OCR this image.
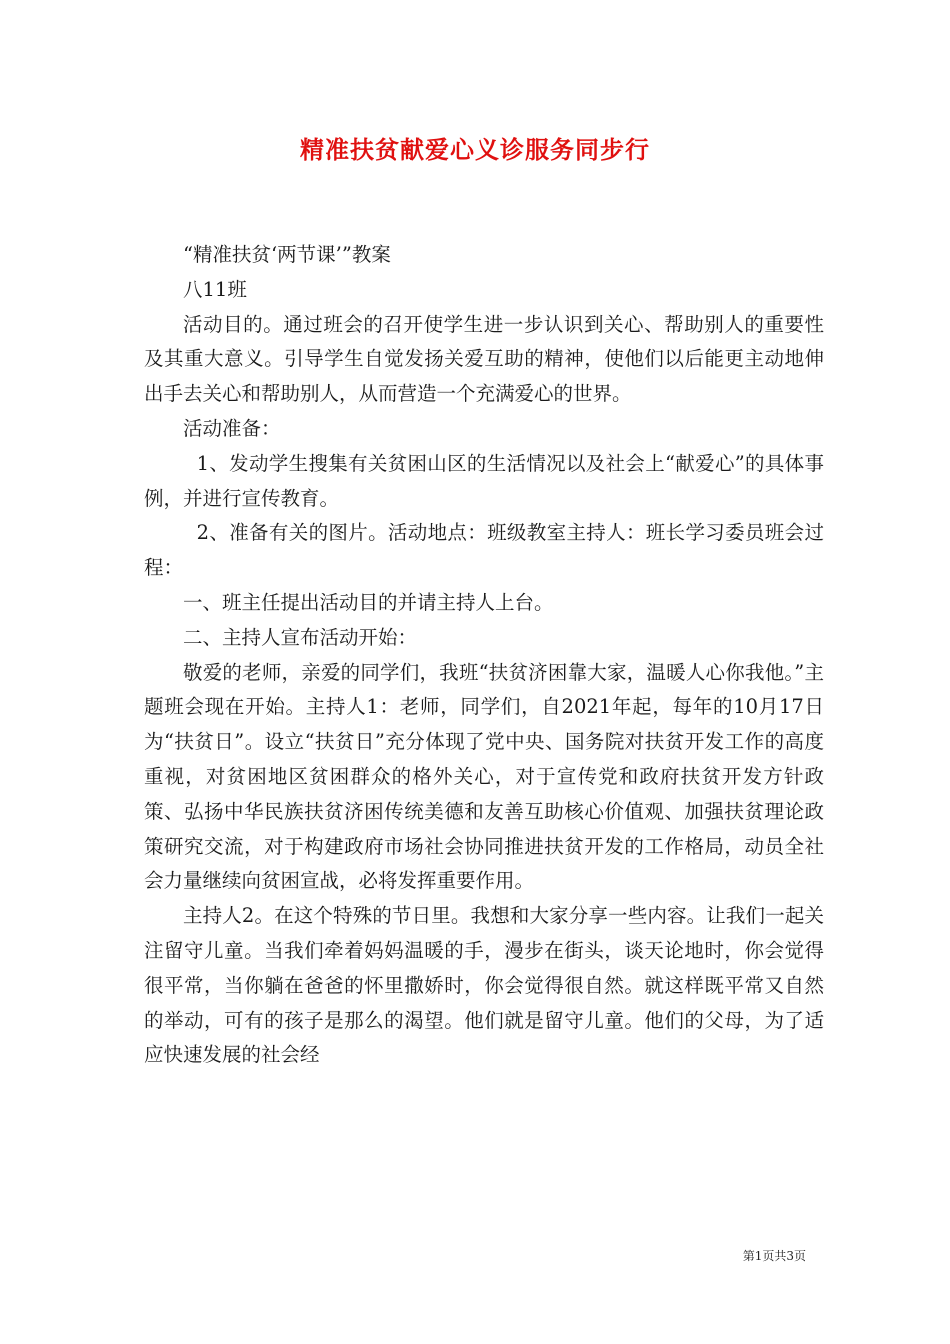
精准扶贫献爱心义诊服务同步行

“精准扶贫‘两节课’”教案

八11班

活动目的。通过班会的召开使学生进一步认识到关心、帮助别人的重要性及其重大意义。引导学生自觉发扬关爱互助的精神，使他们以后能更主动地伸出手去关心和帮助别人，从而营造一个充满爱心的世界。

活动准备：

1、发动学生搜集有关贫困山区的生活情况以及社会上“献爱心”的具体事例，并进行宣传教育。

2、准备有关的图片。活动地点：班级教室主持人：班长学习委员班会过程：

一、班主任提出活动目的并请主持人上台。

二、主持人宣布活动开始：

敬爱的老师，亲爱的同学们，我班“扶贫济困靠大家，温暖人心你我他。”主题班会现在开始。主持人1：老师，同学们，自2021年起，每年的10月17日为“扶贫日”。设立“扶贫日”充分体现了党中央、国务院对扶贫开发工作的高度重视，对贫困地区贫困群众的格外关心，对于宣传党和政府扶贫开发方针政策、弘扬中华民族扶贫济困传统美德和友善互助核心价值观、加强扶贫理论政策研究交流，对于构建政府市场社会协同推进扶贫开发的工作格局，动员全社会力量继续向贫困宣战，必将发挥重要作用。

主持人2。在这个特殊的节日里。我想和大家分享一些内容。让我们一起关注留守儿童。当我们牵着妈妈温暖的手，漫步在街头，谈天论地时，你会觉得很平常，当你躺在爸爸的怀里撒娇时，你会觉得很自然。就这样既平常又自然的举动，可有的孩子是那么的渴望。他们就是留守儿童。他们的父母，为了适应快速发展的社会经

第1页共3页
